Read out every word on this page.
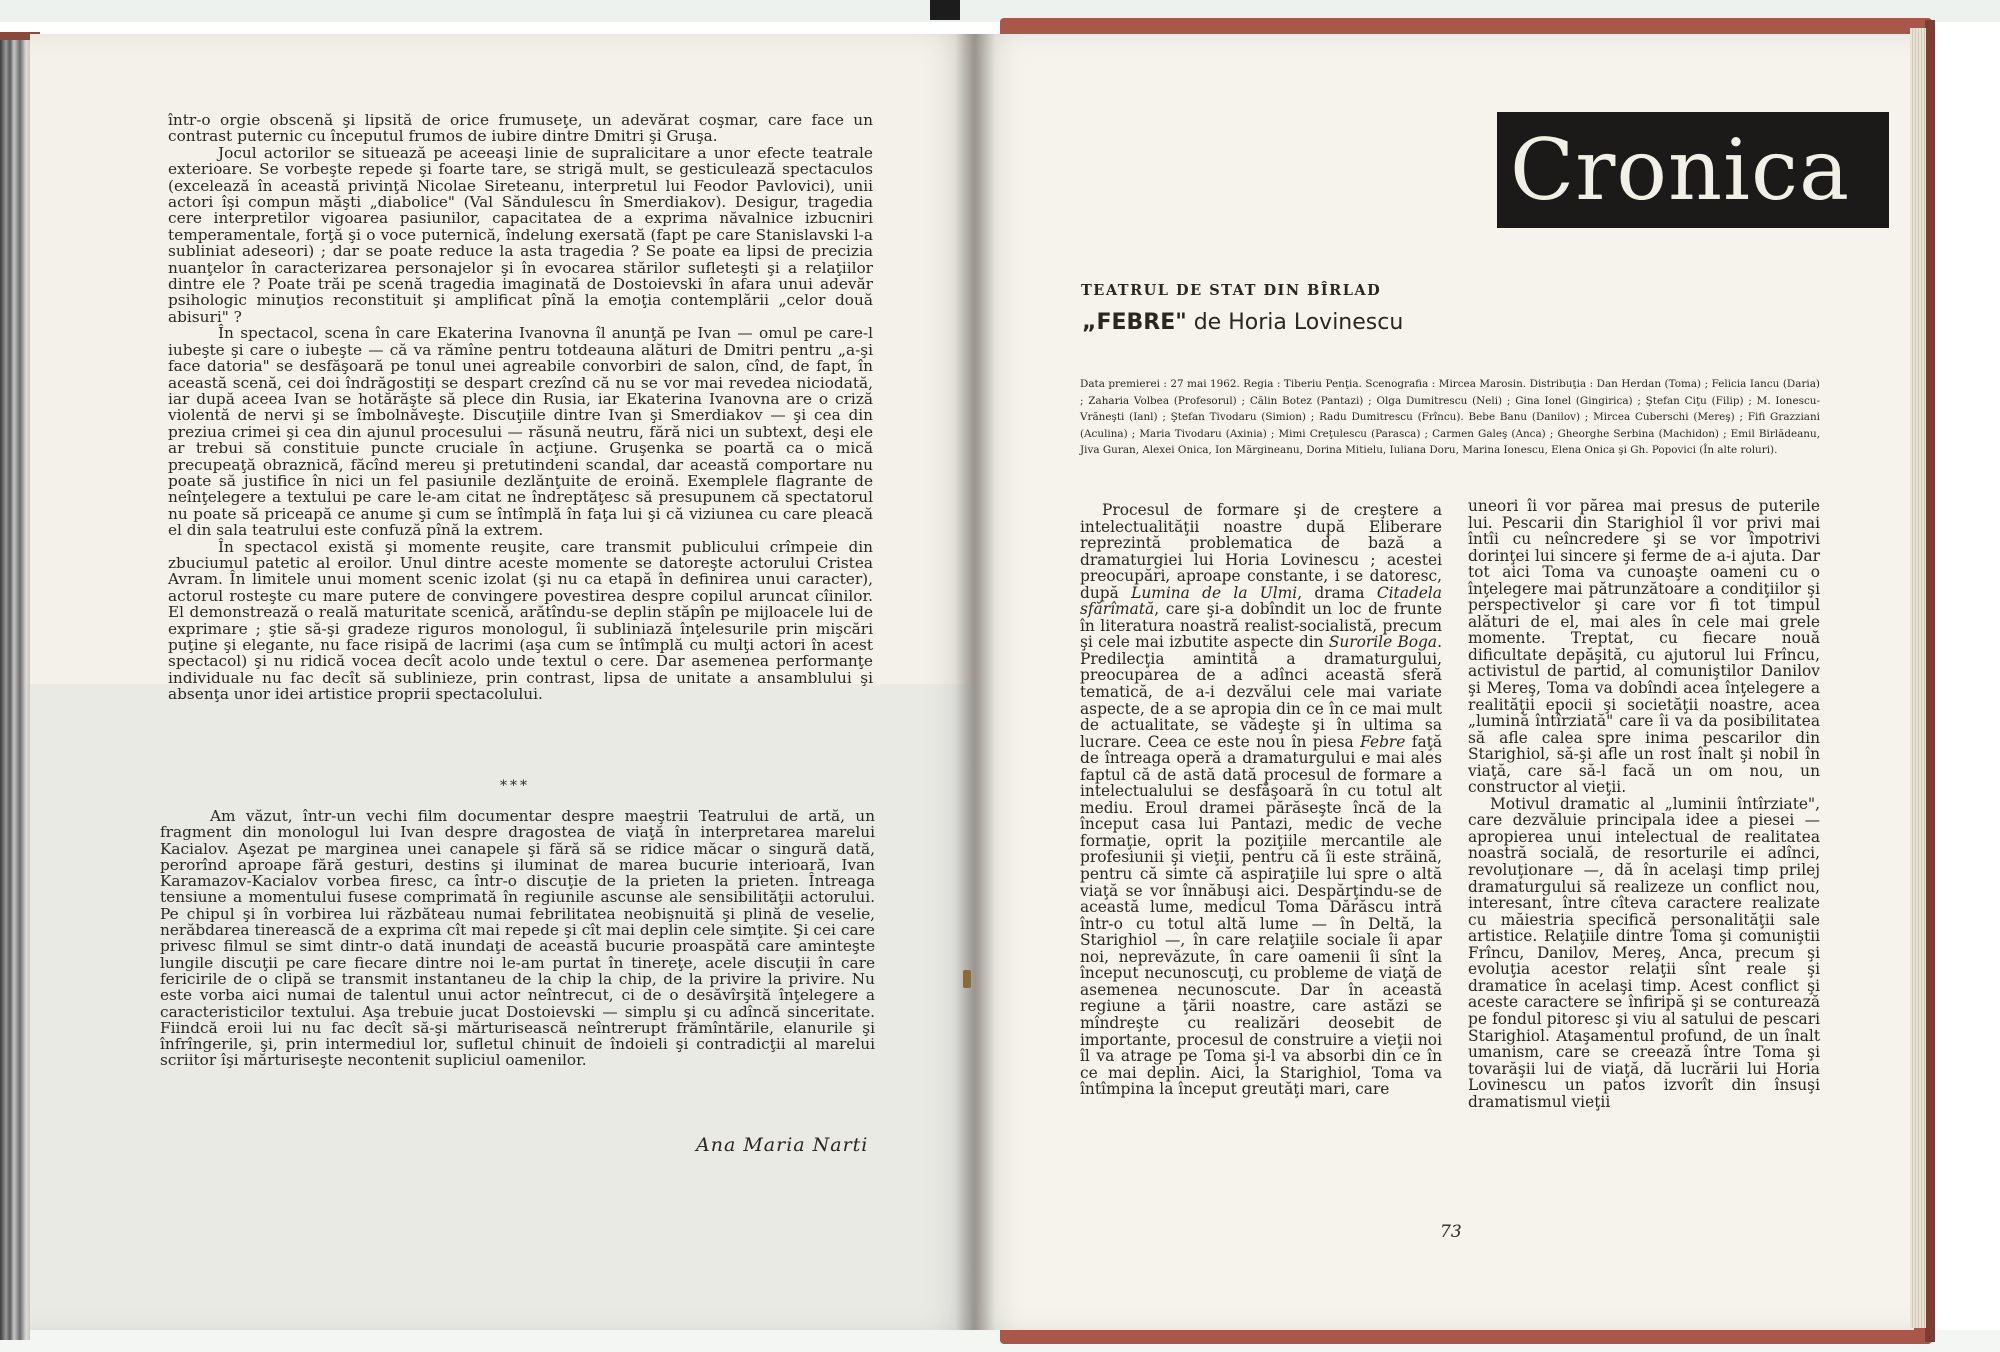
într-o orgie obscenă şi lipsită de orice frumuseţe, un adevărat coşmar, care face un contrast puternic cu începutul frumos de iubire dintre Dmitri şi Gruşa.

Jocul actorilor se situează pe aceeaşi linie de supralicitare a unor efecte teatrale exterioare. Se vorbeşte repede şi foarte tare, se strigă mult, se gesticulează spectaculos (excelează în această privinţă Nicolae Sireteanu, interpretul lui Feodor Pavlovici), unii actori îşi compun măşti „diabolice" (Val Săndulescu în Smerdiakov). Desigur, tragedia cere interpretilor vigoarea pasiunilor, capacitatea de a exprima năvalnice izbucniri temperamentale, forţă şi o voce puternică, îndelung exersată (fapt pe care Stanislavski l-a subliniat adeseori) ; dar se poate reduce la asta tragedia ? Se poate ea lipsi de precizia nuanţelor în caracterizarea personajelor şi în evocarea stărilor sufleteşti şi a relaţiilor dintre ele ? Poate trăi pe scenă tragedia imaginată de Dostoievski în afara unui adevăr psihologic minuţios reconstituit şi amplificat pînă la emoţia contemplării „celor două abisuri" ?

În spectacol, scena în care Ekaterina Ivanovna îl anunţă pe Ivan — omul pe care-l iubeşte şi care o iubeşte — că va rămîne pentru totdeauna alături de Dmitri pentru „a-şi face datoria" se desfăşoară pe tonul unei agreabile convorbiri de salon, cînd, de fapt, în această scenă, cei doi îndrăgostiţi se despart crezînd că nu se vor mai revedea niciodată, iar după aceea Ivan se hotărăşte să plece din Rusia, iar Ekaterina Ivanovna are o criză violentă de nervi şi se îmbolnăveşte. Discuţiile dintre Ivan şi Smerdiakov — şi cea din preziua crimei şi cea din ajunul procesului — răsună neutru, fără nici un subtext, deşi ele ar trebui să constituie puncte cruciale în acţiune. Gruşenka se poartă ca o mică precupeaţă obraznică, făcînd mereu şi pretutindeni scandal, dar această comportare nu poate să justifice în nici un fel pasiunile dezlănţuite de eroină. Exemplele flagrante de neînţelegere a textului pe care le-am citat ne îndreptăţesc să presupunem că spectatorul nu poate să priceapă ce anume şi cum se întîmplă în faţa lui şi că viziunea cu care pleacă el din sala teatrului este confuză pînă la extrem.

În spectacol există şi momente reuşite, care transmit publicului crîmpeie din zbuciumul patetic al eroilor. Unul dintre aceste momente se datoreşte actorului Cristea Avram. În limitele unui moment scenic izolat (şi nu ca etapă în definirea unui caracter), actorul rosteşte cu mare putere de convingere povestirea despre copilul aruncat cîinilor. El demonstrează o reală maturitate scenică, arătîndu-se deplin stăpîn pe mijloacele lui de exprimare ; ştie să-şi gradeze riguros monologul, îi subliniază înţelesurile prin mişcări puţine şi elegante, nu face risipă de lacrimi (aşa cum se întîmplă cu mulţi actori în acest spectacol) şi nu ridică vocea decît acolo unde textul o cere. Dar asemenea performanţe individuale nu fac decît să sublinieze, prin contrast, lipsa de unitate a ansamblului şi absenţa unor idei artistice proprii spectacolului.

***

Am văzut, într-un vechi film documentar despre maeştrii Teatrului de artă, un fragment din monologul lui Ivan despre dragostea de viaţă în interpretarea marelui Kacialov. Aşezat pe marginea unei canapele şi fără să se ridice măcar o singură dată, perorînd aproape fără gesturi, destins şi iluminat de marea bucurie interioară, Ivan Karamazov-Kacialov vorbea firesc, ca într-o discuţie de la prieten la prieten. Întreaga tensiune a momentului fusese comprimată în regiunile ascunse ale sensibilităţii actorului. Pe chipul şi în vorbirea lui răzbăteau numai febrilitatea neobişnuită şi plină de veselie, nerăbdarea tinerească de a exprima cît mai repede şi cît mai deplin cele simţite. Şi cei care privesc filmul se simt dintr-o dată inundaţi de această bucurie proaspătă care aminteşte lungile discuţii pe care fiecare dintre noi le-am purtat în tinereţe, acele discuţii în care fericirile de o clipă se transmit instantaneu de la chip la chip, de la privire la privire. Nu este vorba aici numai de talentul unui actor neîntrecut, ci de o desăvîrşită înţelegere a caracteristicilor textului. Aşa trebuie jucat Dostoievski — simplu şi cu adîncă sinceritate. Fiindcă eroii lui nu fac decît să-şi mărturisească neîntrerupt frămîntările, elanurile şi înfrîngerile, şi, prin intermediul lor, sufletul chinuit de îndoieli şi contradicţii al marelui scriitor îşi mărturiseşte necontenit supliciul oamenilor.

Ana Maria Narti
Cronica
TEATRUL DE STAT DIN BÎRLAD
„FEBRE" de Horia Lovinescu
Data premierei : 27 mai 1962. Regia : Tiberiu Penţia. Scenografia : Mircea Marosin. Distribuţia : Dan Herdan (Toma) ; Felicia Iancu (Daria) ; Zaharia Volbea (Profesorul) ; Călin Botez (Pantazi) ; Olga Dumitrescu (Neli) ; Gina Ionel (Gingirica) ; Ştefan Ciţu (Filip) ; M. Ionescu-Vrăneşti (Ianl) ; Ştefan Tivodaru (Simion) ; Radu Dumitrescu (Frîncu). Bebe Banu (Danilov) ; Mircea Cuberschi (Mereş) ; Fifi Grazziani (Aculina) ; Maria Tivodaru (Axinia) ; Mimi Creţulescu (Parasca) ; Carmen Galeş (Anca) ; Gheorghe Serbina (Machidon) ; Emil Birlădeanu, Jiva Guran, Alexei Onica, Ion Mărgineanu, Dorina Mitielu, Iuliana Doru, Marina Ionescu, Elena Onica şi Gh. Popovici (În alte roluri).

Procesul de formare şi de creştere a intelectualităţii noastre după Eliberare reprezintă problematica de bază a dramaturgiei lui Horia Lovinescu ; acestei preocupări, aproape constante, i se datoresc, după Lumina de la Ulmi, drama Citadela sfărîmată, care şi-a dobîndit un loc de frunte în literatura noastră realist-socialistă, precum şi cele mai izbutite aspecte din Surorile Boga. Predilecţia amintită a dramaturgului, preocuparea de a adînci această sferă tematică, de a-i dezvălui cele mai variate aspecte, de a se apropia din ce în ce mai mult de actualitate, se vădeşte şi în ultima sa lucrare. Ceea ce este nou în piesa Febre faţă de întreaga operă a dramaturgului e mai ales faptul că de astă dată procesul de formare a intelectualului se desfăşoară în cu totul alt mediu. Eroul dramei părăseşte încă de la început casa lui Pantazi, medic de veche formaţie, oprit la poziţiile mercantile ale profesiunii şi vieţii, pentru că îi este străină, pentru că simte că aspiraţiile lui spre o altă viaţă se vor înnăbuşi aici. Despărţindu-se de această lume, medicul Toma Dărăscu intră într-o cu totul altă lume — în Deltă, la Starighiol —, în care relaţiile sociale îi apar noi, neprevăzute, în care oamenii îi sînt la început necunoscuţi, cu probleme de viaţă de asemenea necunoscute. Dar în această regiune a ţării noastre, care astăzi se mîndreşte cu realizări deosebit de importante, procesul de construire a vieţii noi îl va atrage pe Toma şi-l va absorbi din ce în ce mai deplin. Aici, la Starighiol, Toma va întîmpina la început greutăţi mari, care

uneori îi vor părea mai presus de puterile lui. Pescarii din Starighiol îl vor privi mai întîi cu neîncredere şi se vor împotrivi dorinţei lui sincere şi ferme de a-i ajuta. Dar tot aici Toma va cunoaşte oameni cu o înţelegere mai pătrunzătoare a condiţiilor şi perspectivelor şi care vor fi tot timpul alături de el, mai ales în cele mai grele momente. Treptat, cu fiecare nouă dificultate depăşită, cu ajutorul lui Frîncu, activistul de partid, al comuniştilor Danilov şi Mereş, Toma va dobîndi acea înţelegere a realităţii epocii şi societăţii noastre, acea „lumină întîrziată" care îi va da posibilitatea să afle calea spre inima pescarilor din Starighiol, să-şi afle un rost înalt şi nobil în viaţă, care să-l facă un om nou, un constructor al vieţii.

Motivul dramatic al „luminii întîrziate", care dezvăluie principala idee a piesei — apropierea unui intelectual de realitatea noastră socială, de resorturile ei adînci, revoluţionare —, dă în acelaşi timp prilej dramaturgului să realizeze un conflict nou, interesant, între cîteva caractere realizate cu măiestria specifică personalităţii sale artistice. Relaţiile dintre Toma şi comuniştii Frîncu, Danilov, Mereş, Anca, precum şi evoluţia acestor relaţii sînt reale şi dramatice în acelaşi timp. Acest conflict şi aceste caractere se înfiripă şi se conturează pe fondul pitoresc şi viu al satului de pescari Starighiol. Ataşamentul profund, de un înalt umanism, care se creează între Toma şi tovarăşii lui de viaţă, dă lucrării lui Horia Lovinescu un patos izvorît din însuşi dramatismul vieţii

73
